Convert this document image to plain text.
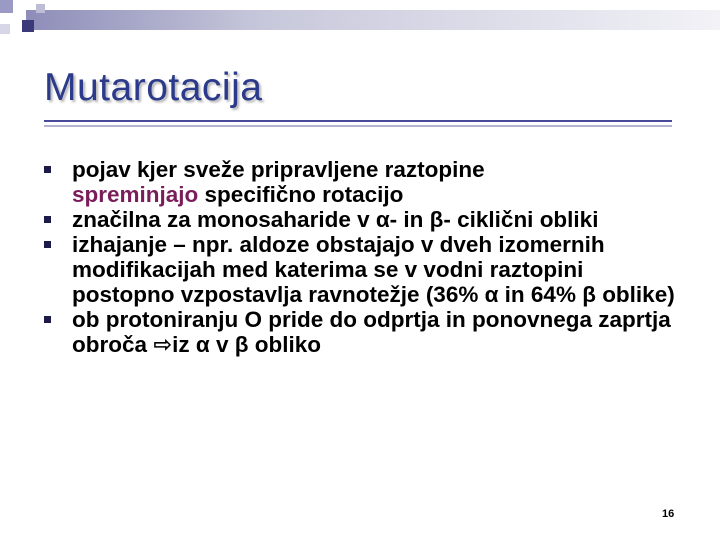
Mutarotacija
pojav kjer sveže pripravljene raztopine
spreminjajo specifično rotacijo
značilna za monosaharide v α- in β- ciklični obliki
izhajanje – npr. aldoze obstajajo v dveh izomernih modifikacijah med katerima se v vodni raztopini postopno vzpostavlja ravnotežje (36% α in 64% β oblike)
ob protoniranju O pride do odprtja in ponovnega zaprtja obroča ⇨iz α v β obliko
16
